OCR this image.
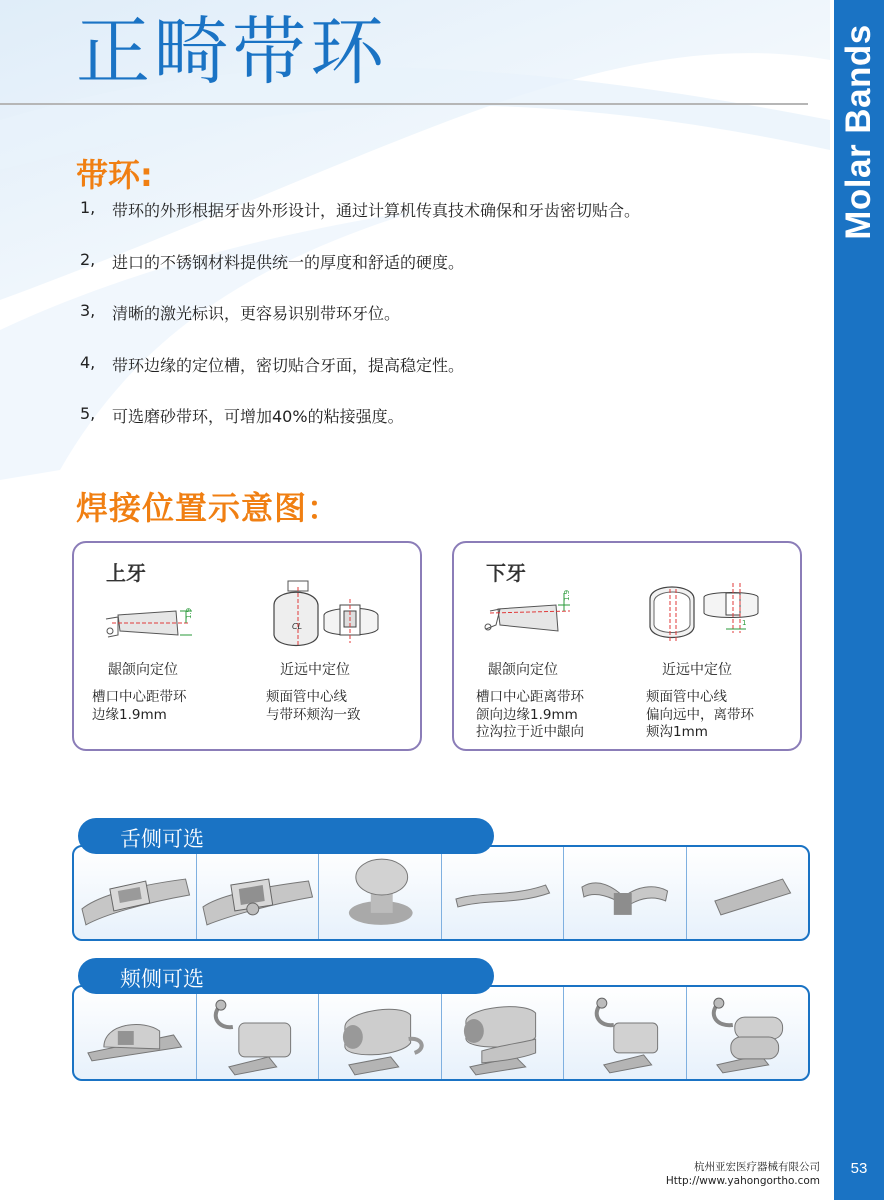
正畸带环	Molar Bands
53
带环:
1,	带环的外形根据牙齿外形设计，通过计算机传真技术确保和牙齿密切贴合。
2,	进口的不锈钢材料提供统一的厚度和舒适的硬度。
3,	清晰的激光标识，更容易识别带环牙位。
4,	带环边缘的定位槽，密切贴合牙面，提高稳定性。
5,	可选磨砂带环，可增加40%的粘接强度。
焊接位置示意图：
上牙
1.9
CL
龈颌向定位	近远中定位
槽口中心距带环
边缘1.9mm
颊面管中心线
与带环颊沟一致
下牙
1.9
1
龈颌向定位	近远中定位
槽口中心距离带环
颌向边缘1.9mm
拉沟拉于近中龈向
颊面管中心线
偏向远中，离带环
颊沟1mm
舌侧可选
颊侧可选
杭州亚宏医疗器械有限公司
Http://www.yahongortho.com
